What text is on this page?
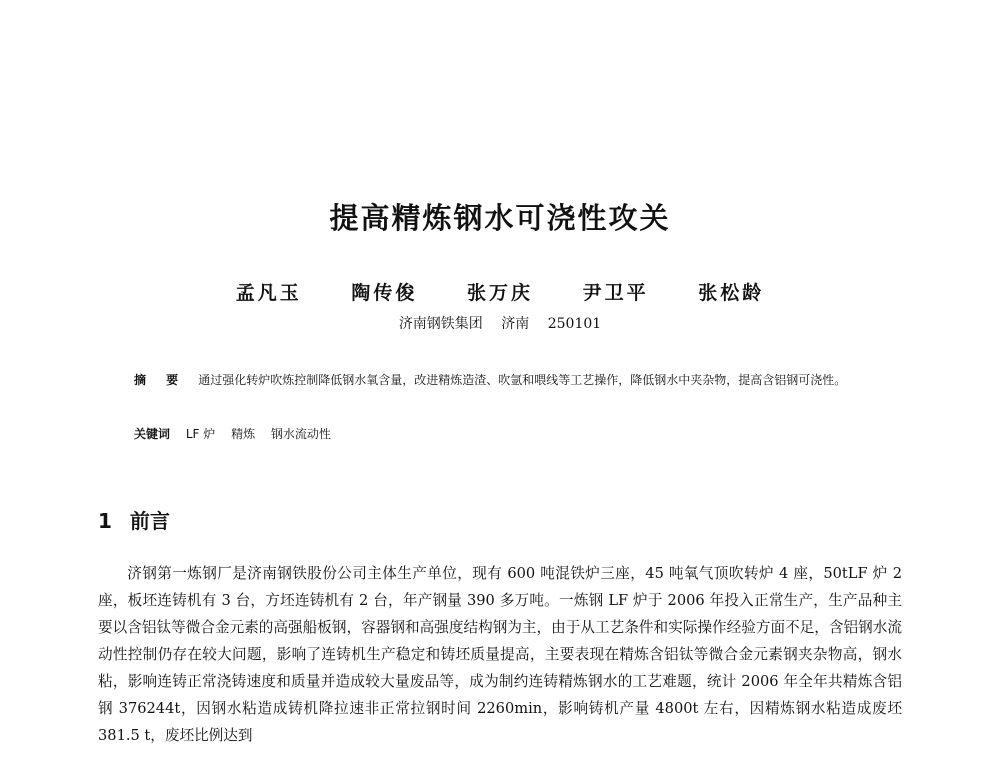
提高精炼钢水可浇性攻关
孟凡玉	陶传俊	张万庆	尹卫平	张松龄
济南钢铁集团 济南 250101
摘 要 通过强化转炉吹炼控制降低钢水氧含量，改进精炼造渣、吹氩和喂线等工艺操作，降低钢水中夹杂物，提高含铝钢可浇性。
关键词 LF 炉 精炼 钢水流动性
1 前言
济钢第一炼钢厂是济南钢铁股份公司主体生产单位，现有 600 吨混铁炉三座，45 吨氧气顶吹转炉 4 座，50tLF 炉 2 座，板坯连铸机有 3 台，方坯连铸机有 2 台，年产钢量 390 多万吨。一炼钢 LF 炉于 2006 年投入正常生产，生产品种主要以含铝钛等微合金元素的高强船板钢，容器钢和高强度结构钢为主，由于从工艺条件和实际操作经验方面不足，含铝钢水流动性控制仍存在较大问题，影响了连铸机生产稳定和铸坯质量提高，主要表现在精炼含铝钛等微合金元素钢夹杂物高，钢水粘，影响连铸正常浇铸速度和质量并造成较大量废品等，成为制约连铸精炼钢水的工艺难题，统计 2006 年全年共精炼含铝钢 376244t，因钢水粘造成铸机降拉速非正常拉钢时间 2260min，影响铸机产量 4800t 左右，因精炼钢水粘造成废坯 381.5 t，废坯比例达到
